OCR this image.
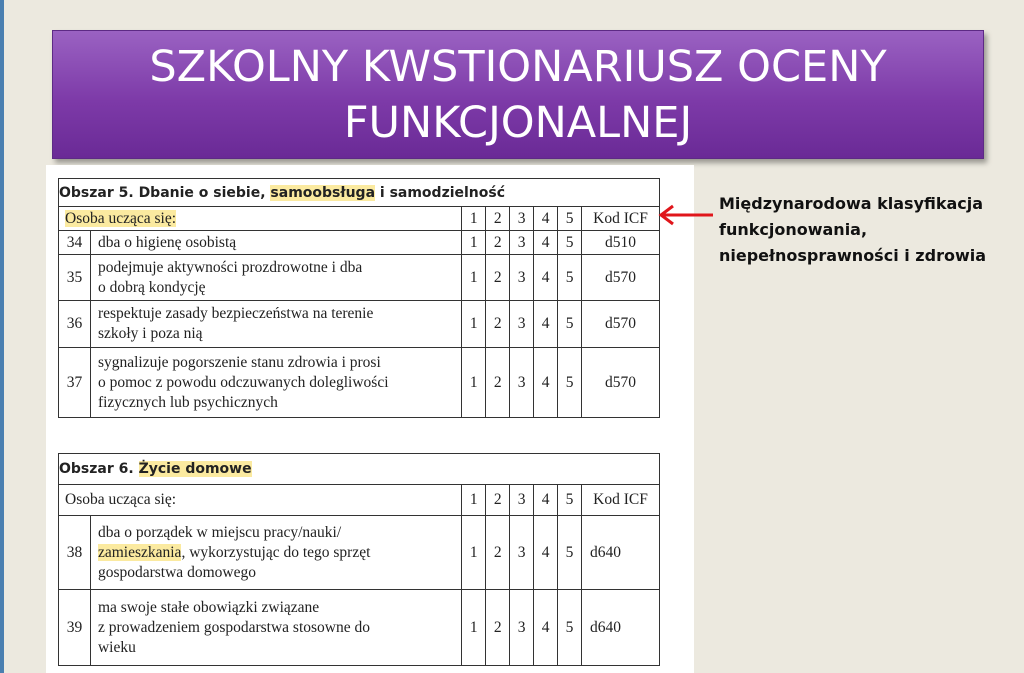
SZKOLNY KWSTIONARIUSZ OCENY
FUNKCJONALNEJ
Obszar 5. Dbanie o siebie, samoobsługa i samodzielność							
Osoba ucząca się:		1	2	3	4	5	Kod ICF
34	dba o higienę osobistą	1	2	3	4	5	d510
35	podejmuje aktywności prozdrowotne i dba
o dobrą kondycję	1	2	3	4	5	d570
36	respektuje zasady bezpieczeństwa na terenie
szkoły i poza nią	1	2	3	4	5	d570
37	sygnalizuje pogorszenie stanu zdrowia i prosi
o pomoc z powodu odczuwanych dolegliwości
fizycznych lub psychicznych	1	2	3	4	5	d570
Obszar 6. Życie domowe							
Osoba ucząca się:		1	2	3	4	5	Kod ICF
38	dba o porządek w miejscu pracy/nauki/
zamieszkania, wykorzystując do tego sprzęt
gospodarstwa domowego	1	2	3	4	5	d640
39	ma swoje stałe obowiązki związane
z prowadzeniem gospodarstwa stosowne do
wieku	1	2	3	4	5	d640
Międzynarodowa klasyfikacja
funkcjonowania,
niepełnosprawności i zdrowia
